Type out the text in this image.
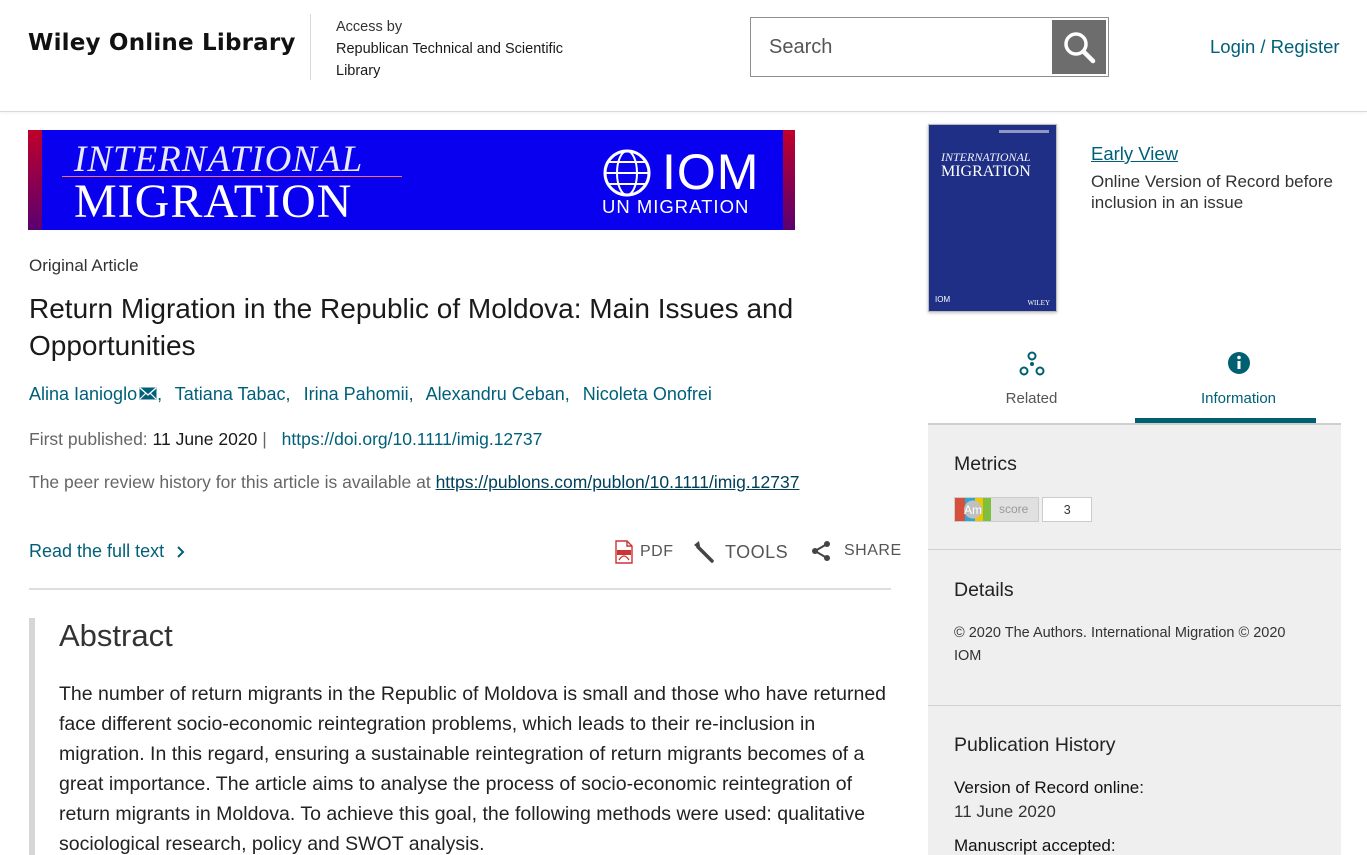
Wiley Online Library
Access by
Republican Technical and Scientific Library
Search
Login / Register
INTERNATIONAL
MIGRATION
IOM
UN MIGRATION
Original Article
Return Migration in the Republic of Moldova: Main Issues and Opportunities
Alina Ianioglo , Tatiana Tabac, Irina Pahomii, Alexandru Ceban, Nicoleta Onofrei
First published: 11 June 2020 | https://doi.org/10.1111/imig.12737
The peer review history for this article is available at https://publons.com/publon/10.1111/imig.12737
Read the full text	PDF	TOOLS	SHARE
Abstract

The number of return migrants in the Republic of Moldova is small and those who have returned face different socio-economic reintegration problems, which leads to their re-inclusion in migration. In this regard, ensuring a sustainable reintegration of return migrants becomes of a great importance. The article aims to analyse the process of socio-economic reintegration of return migrants in Moldova. To achieve this goal, the following methods were used: qualitative sociological research, policy and SWOT analysis.

INTERNATIONAL
MIGRATION
IOM	WILEY
Early View
Online Version of Record before inclusion in an issue
Related	Information
Metrics
Am score	3
Details
© 2020 The Authors. International Migration © 2020 IOM
Publication History
Version of Record online:
11 June 2020
Manuscript accepted:
